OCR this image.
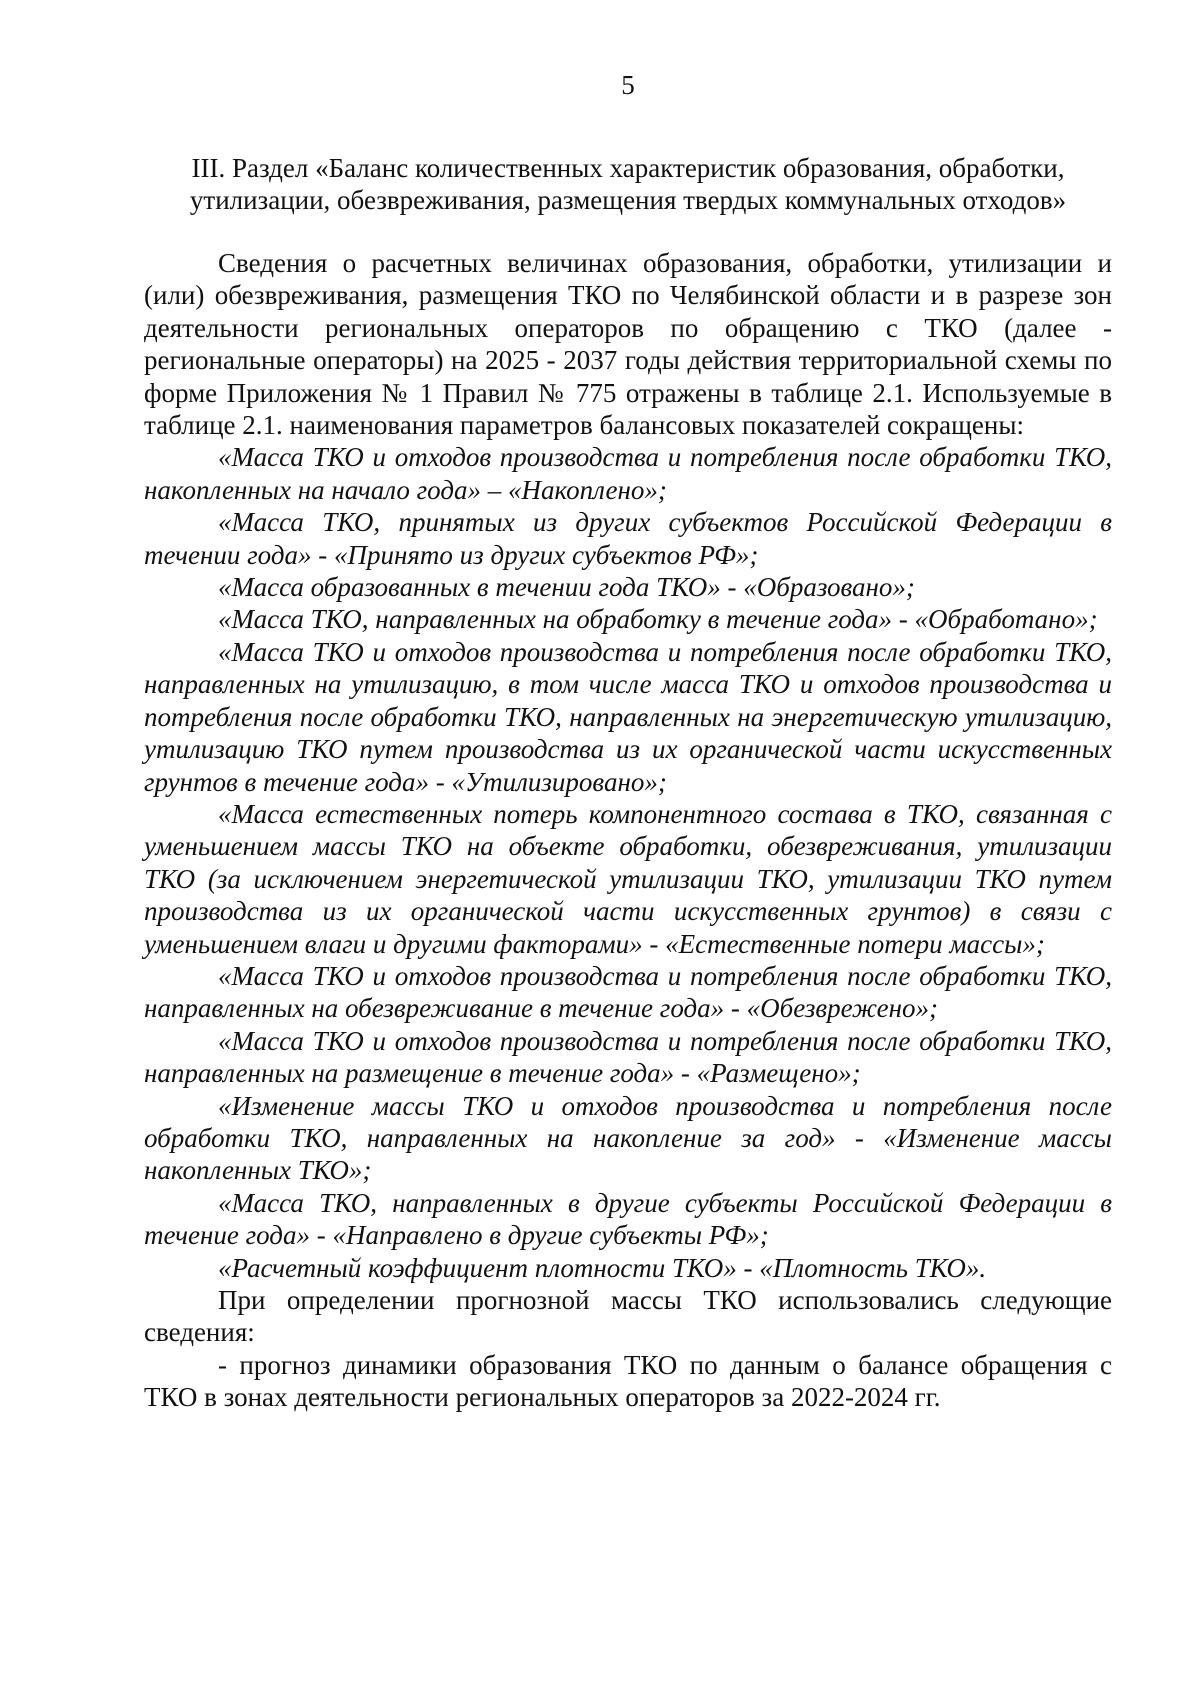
5
III. Раздел «Баланс количественных характеристик образования, обработки,
утилизации, обезвреживания, размещения твердых коммунальных отходов»

Сведения о расчетных величинах образования, обработки, утилизации и (или) обезвреживания, размещения ТКО по Челябинской области и в разрезе зон деятельности региональных операторов по обращению с ТКО (далее - региональные операторы) на 2025 - 2037 годы действия территориальной схемы по форме Приложения № 1 Правил № 775 отражены в таблице 2.1. Используемые в таблице 2.1. наименования параметров балансовых показателей сокращены:

«Масса ТКО и отходов производства и потребления после обработки ТКО, накопленных на начало года» – «Накоплено»;

«Масса ТКО, принятых из других субъектов Российской Федерации в течении года» - «Принято из других субъектов РФ»;

«Масса образованных в течении года ТКО» - «Образовано»;

«Масса ТКО, направленных на обработку в течение года» - «Обработано»;

«Масса ТКО и отходов производства и потребления после обработки ТКО, направленных на утилизацию, в том числе масса ТКО и отходов производства и потребления после обработки ТКО, направленных на энергетическую утилизацию, утилизацию ТКО путем производства из их органической части искусственных грунтов в течение года» - «Утилизировано»;

«Масса естественных потерь компонентного состава в ТКО, связанная с уменьшением массы ТКО на объекте обработки, обезвреживания, утилизации ТКО (за исключением энергетической утилизации ТКО, утилизации ТКО путем производства из их органической части искусственных грунтов) в связи с уменьшением влаги и другими факторами» - «Естественные потери массы»;

«Масса ТКО и отходов производства и потребления после обработки ТКО, направленных на обезвреживание в течение года» - «Обезврежено»;

«Масса ТКО и отходов производства и потребления после обработки ТКО, направленных на размещение в течение года» - «Размещено»;

«Изменение массы ТКО и отходов производства и потребления после обработки ТКО, направленных на накопление за год» - «Изменение массы накопленных ТКО»;

«Масса ТКО, направленных в другие субъекты Российской Федерации в течение года» - «Направлено в другие субъекты РФ»;

«Расчетный коэффициент плотности ТКО» - «Плотность ТКО».

При определении прогнозной массы ТКО использовались следующие сведения:

- прогноз динамики образования ТКО по данным о балансе обращения с ТКО в зонах деятельности региональных операторов за 2022-2024 гг.
